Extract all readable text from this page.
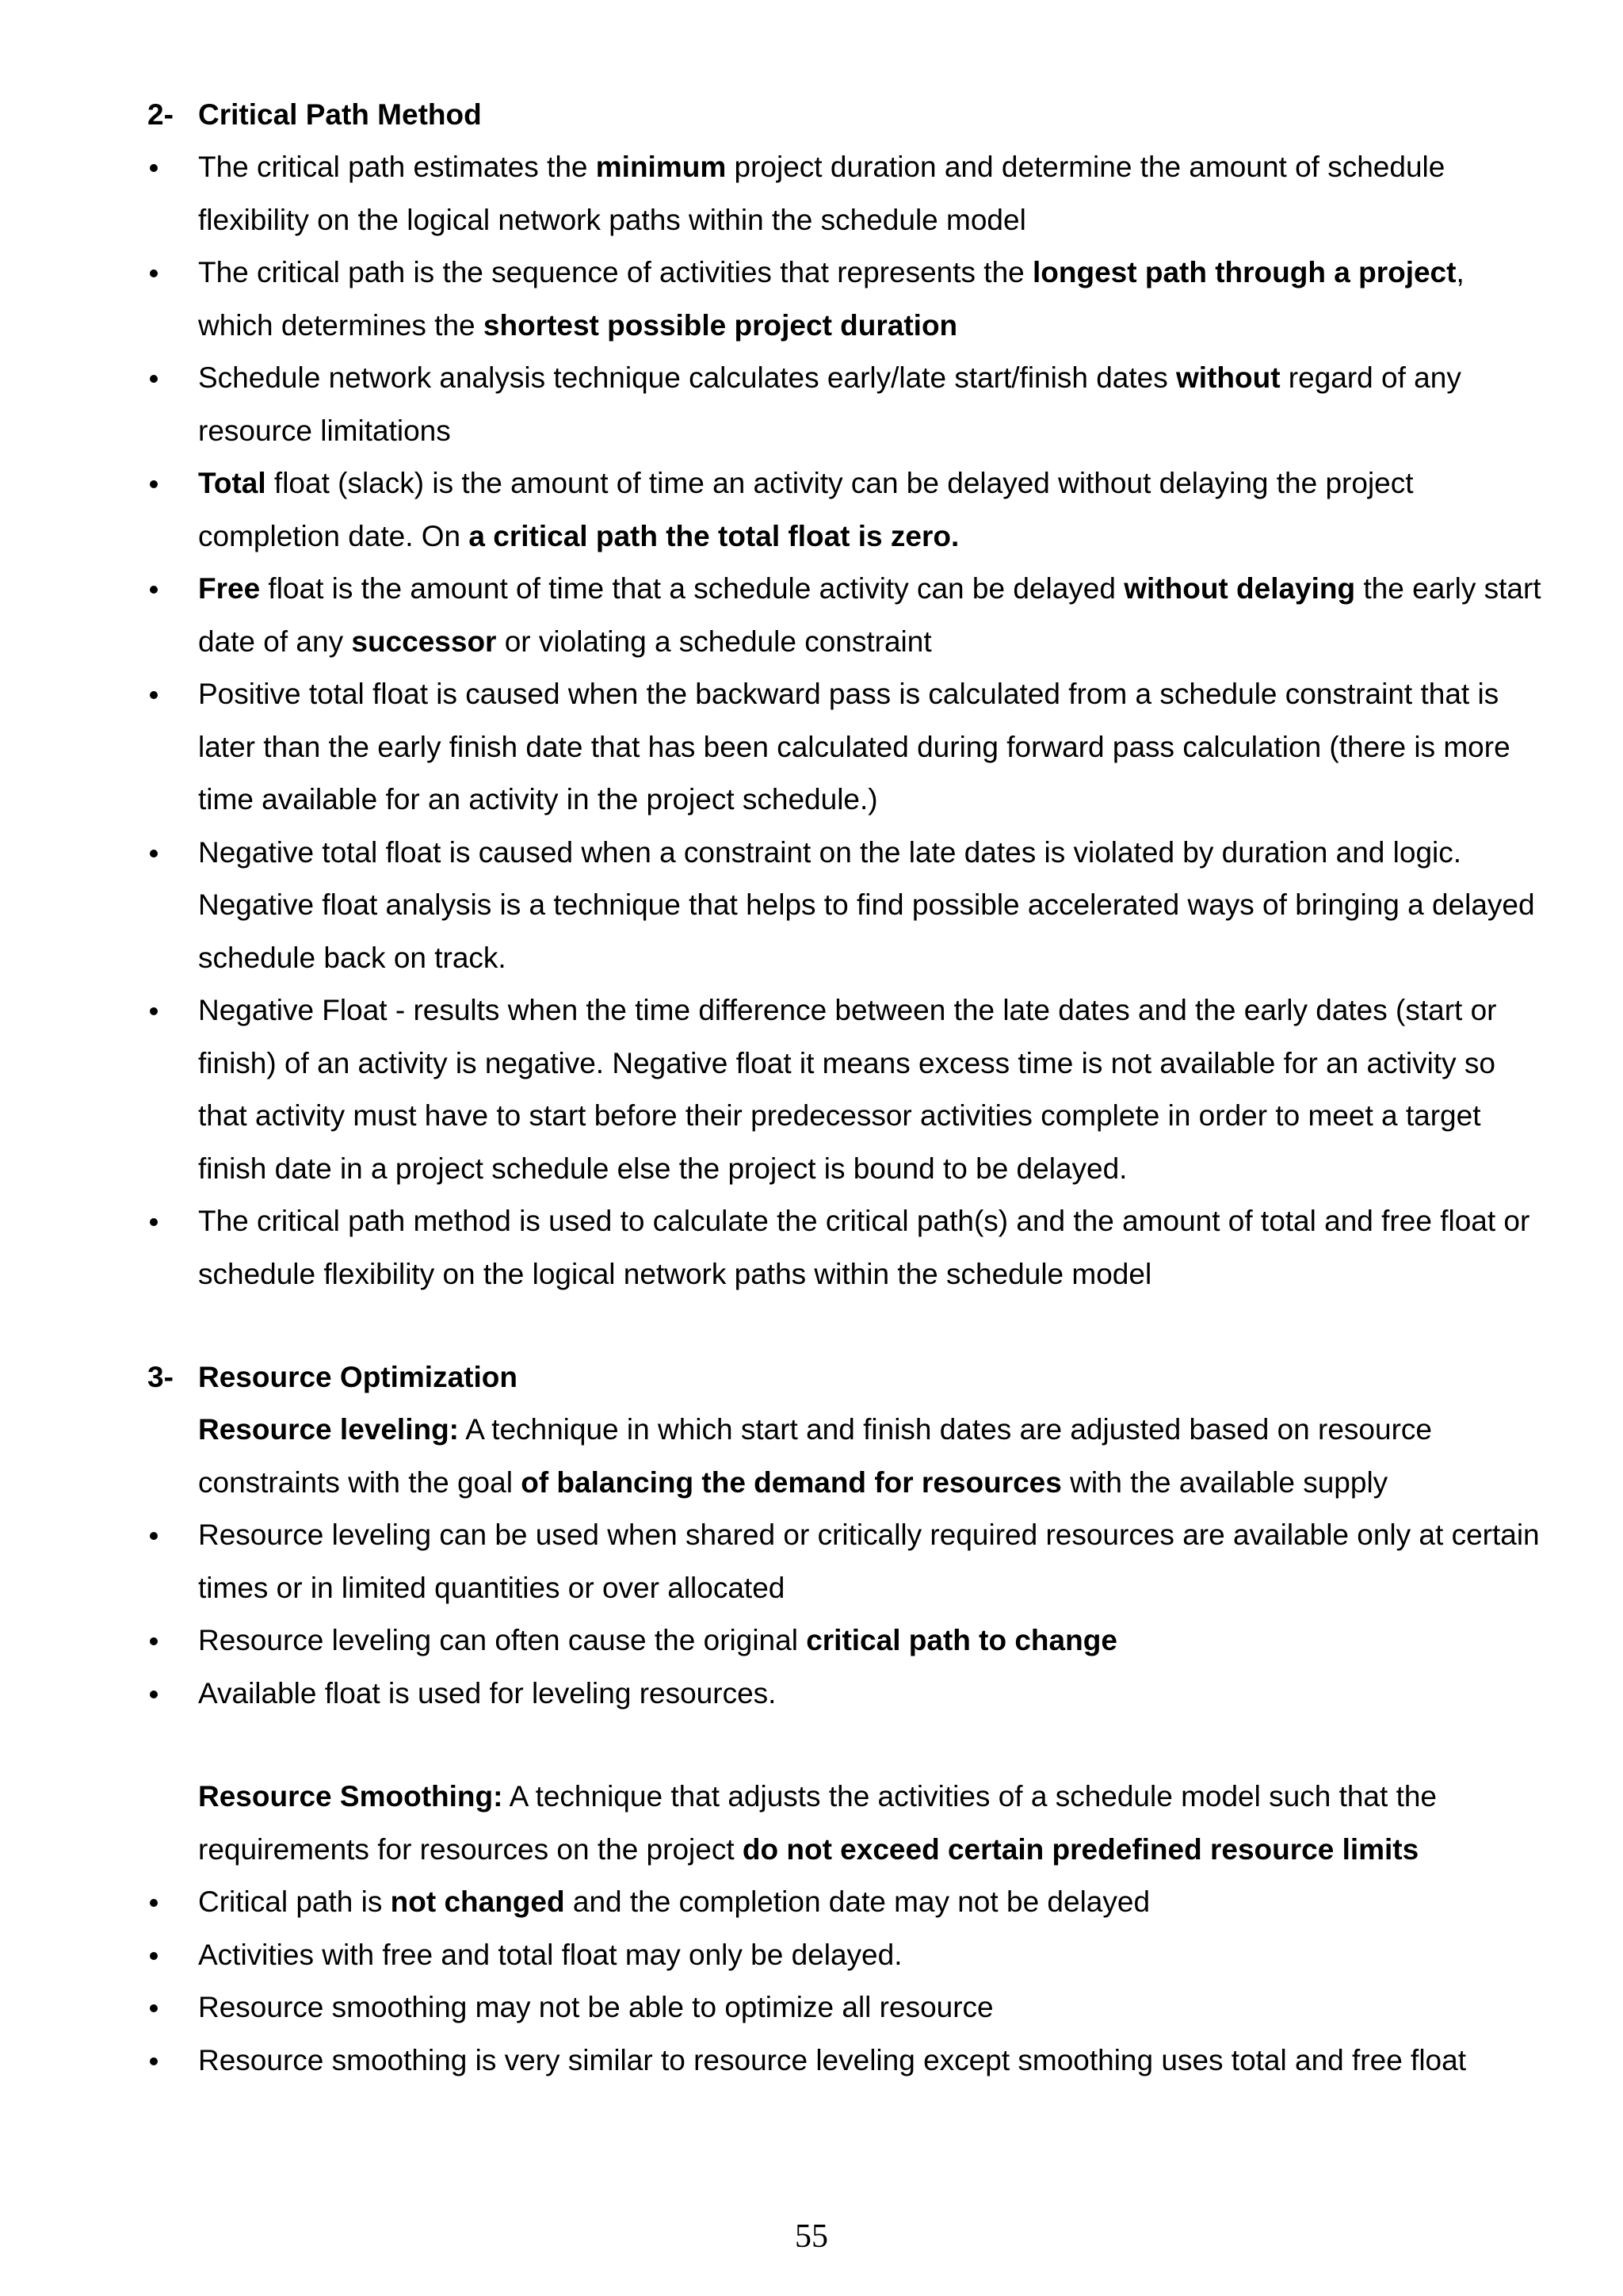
2- Critical Path Method
The critical path estimates the minimum project duration and determine the amount of schedule flexibility on the logical network paths within the schedule model
The critical path is the sequence of activities that represents the longest path through a project, which determines the shortest possible project duration
Schedule network analysis technique calculates early/late start/finish dates without regard of any resource limitations
Total float (slack) is the amount of time an activity can be delayed without delaying the project completion date. On a critical path the total float is zero.
Free float is the amount of time that a schedule activity can be delayed without delaying the early start date of any successor or violating a schedule constraint
Positive total float is caused when the backward pass is calculated from a schedule constraint that is later than the early finish date that has been calculated during forward pass calculation (there is more time available for an activity in the project schedule.)
Negative total float is caused when a constraint on the late dates is violated by duration and logic. Negative float analysis is a technique that helps to find possible accelerated ways of bringing a delayed schedule back on track.
Negative Float - results when the time difference between the late dates and the early dates (start or finish) of an activity is negative. Negative float it means excess time is not available for an activity so that activity must have to start before their predecessor activities complete in order to meet a target finish date in a project schedule else the project is bound to be delayed.
The critical path method is used to calculate the critical path(s) and the amount of total and free float or schedule flexibility on the logical network paths within the schedule model
3- Resource Optimization
Resource leveling: A technique in which start and finish dates are adjusted based on resource constraints with the goal of balancing the demand for resources with the available supply
Resource leveling can be used when shared or critically required resources are available only at certain times or in limited quantities or over allocated
Resource leveling can often cause the original critical path to change
Available float is used for leveling resources.
Resource Smoothing: A technique that adjusts the activities of a schedule model such that the requirements for resources on the project do not exceed certain predefined resource limits
Critical path is not changed and the completion date may not be delayed
Activities with free and total float may only be delayed.
Resource smoothing may not be able to optimize all resource
Resource smoothing is very similar to resource leveling except smoothing uses total and free float
55
